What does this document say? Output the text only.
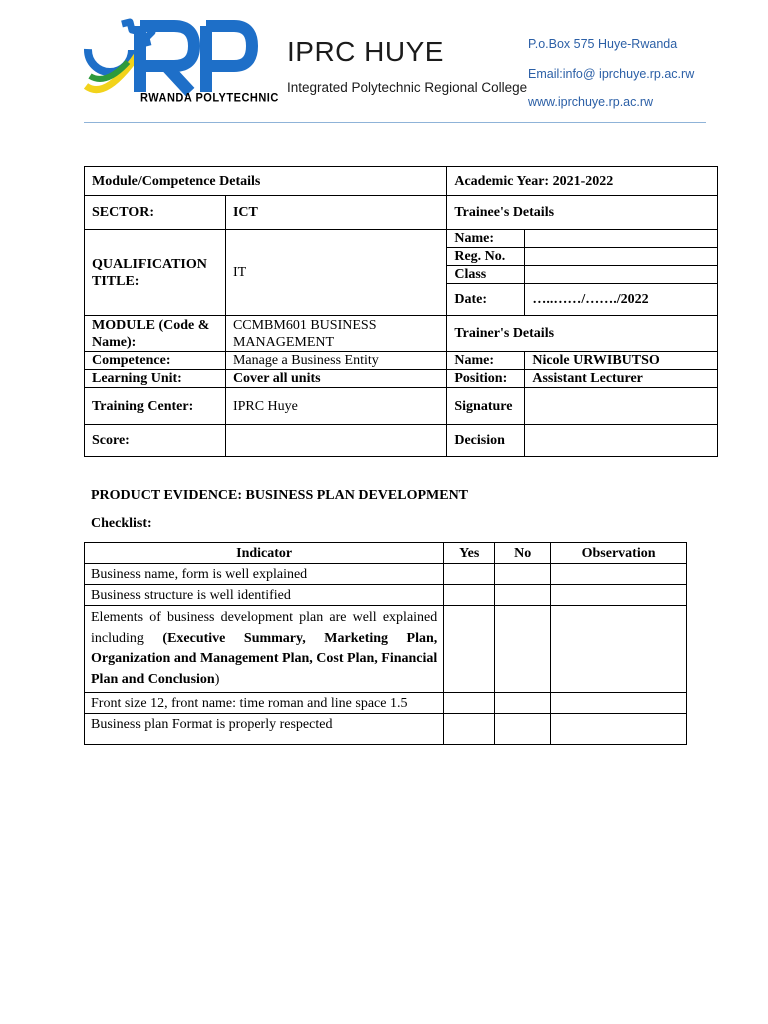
RWANDA POLYTECHNIC
IPRC HUYE
Integrated Polytechnic Regional College
P.o.Box 575 Huye-Rwanda
Email:info@ iprchuye.rp.ac.rw
www.iprchuye.rp.ac.rw
Module/Competence Details		Academic Year: 2021-2022	
SECTOR:	ICT	Trainee's Details	
QUALIFICATION TITLE:	IT	Name:	
		Reg. No.	
		Class	
		Date:	…..……/……./2022
MODULE (Code & Name):	CCMBM601 BUSINESS MANAGEMENT	Trainer's Details	
Competence:	Manage a Business Entity	Name:	Nicole URWIBUTSO
Learning Unit:	Cover all units	Position:	Assistant Lecturer
Training Center:	IPRC Huye	Signature	
Score:		Decision	
PRODUCT EVIDENCE: BUSINESS PLAN DEVELOPMENT
Checklist:
Indicator	Yes	No	Observation
Business name, form is well explained			
Business structure is well identified			
Elements of business development plan are well explained including (Executive Summary, Marketing Plan, Organization and Management Plan, Cost Plan, Financial Plan and Conclusion)			
Front size 12, front name: time roman and line space 1.5			
Business plan Format is properly respected			
